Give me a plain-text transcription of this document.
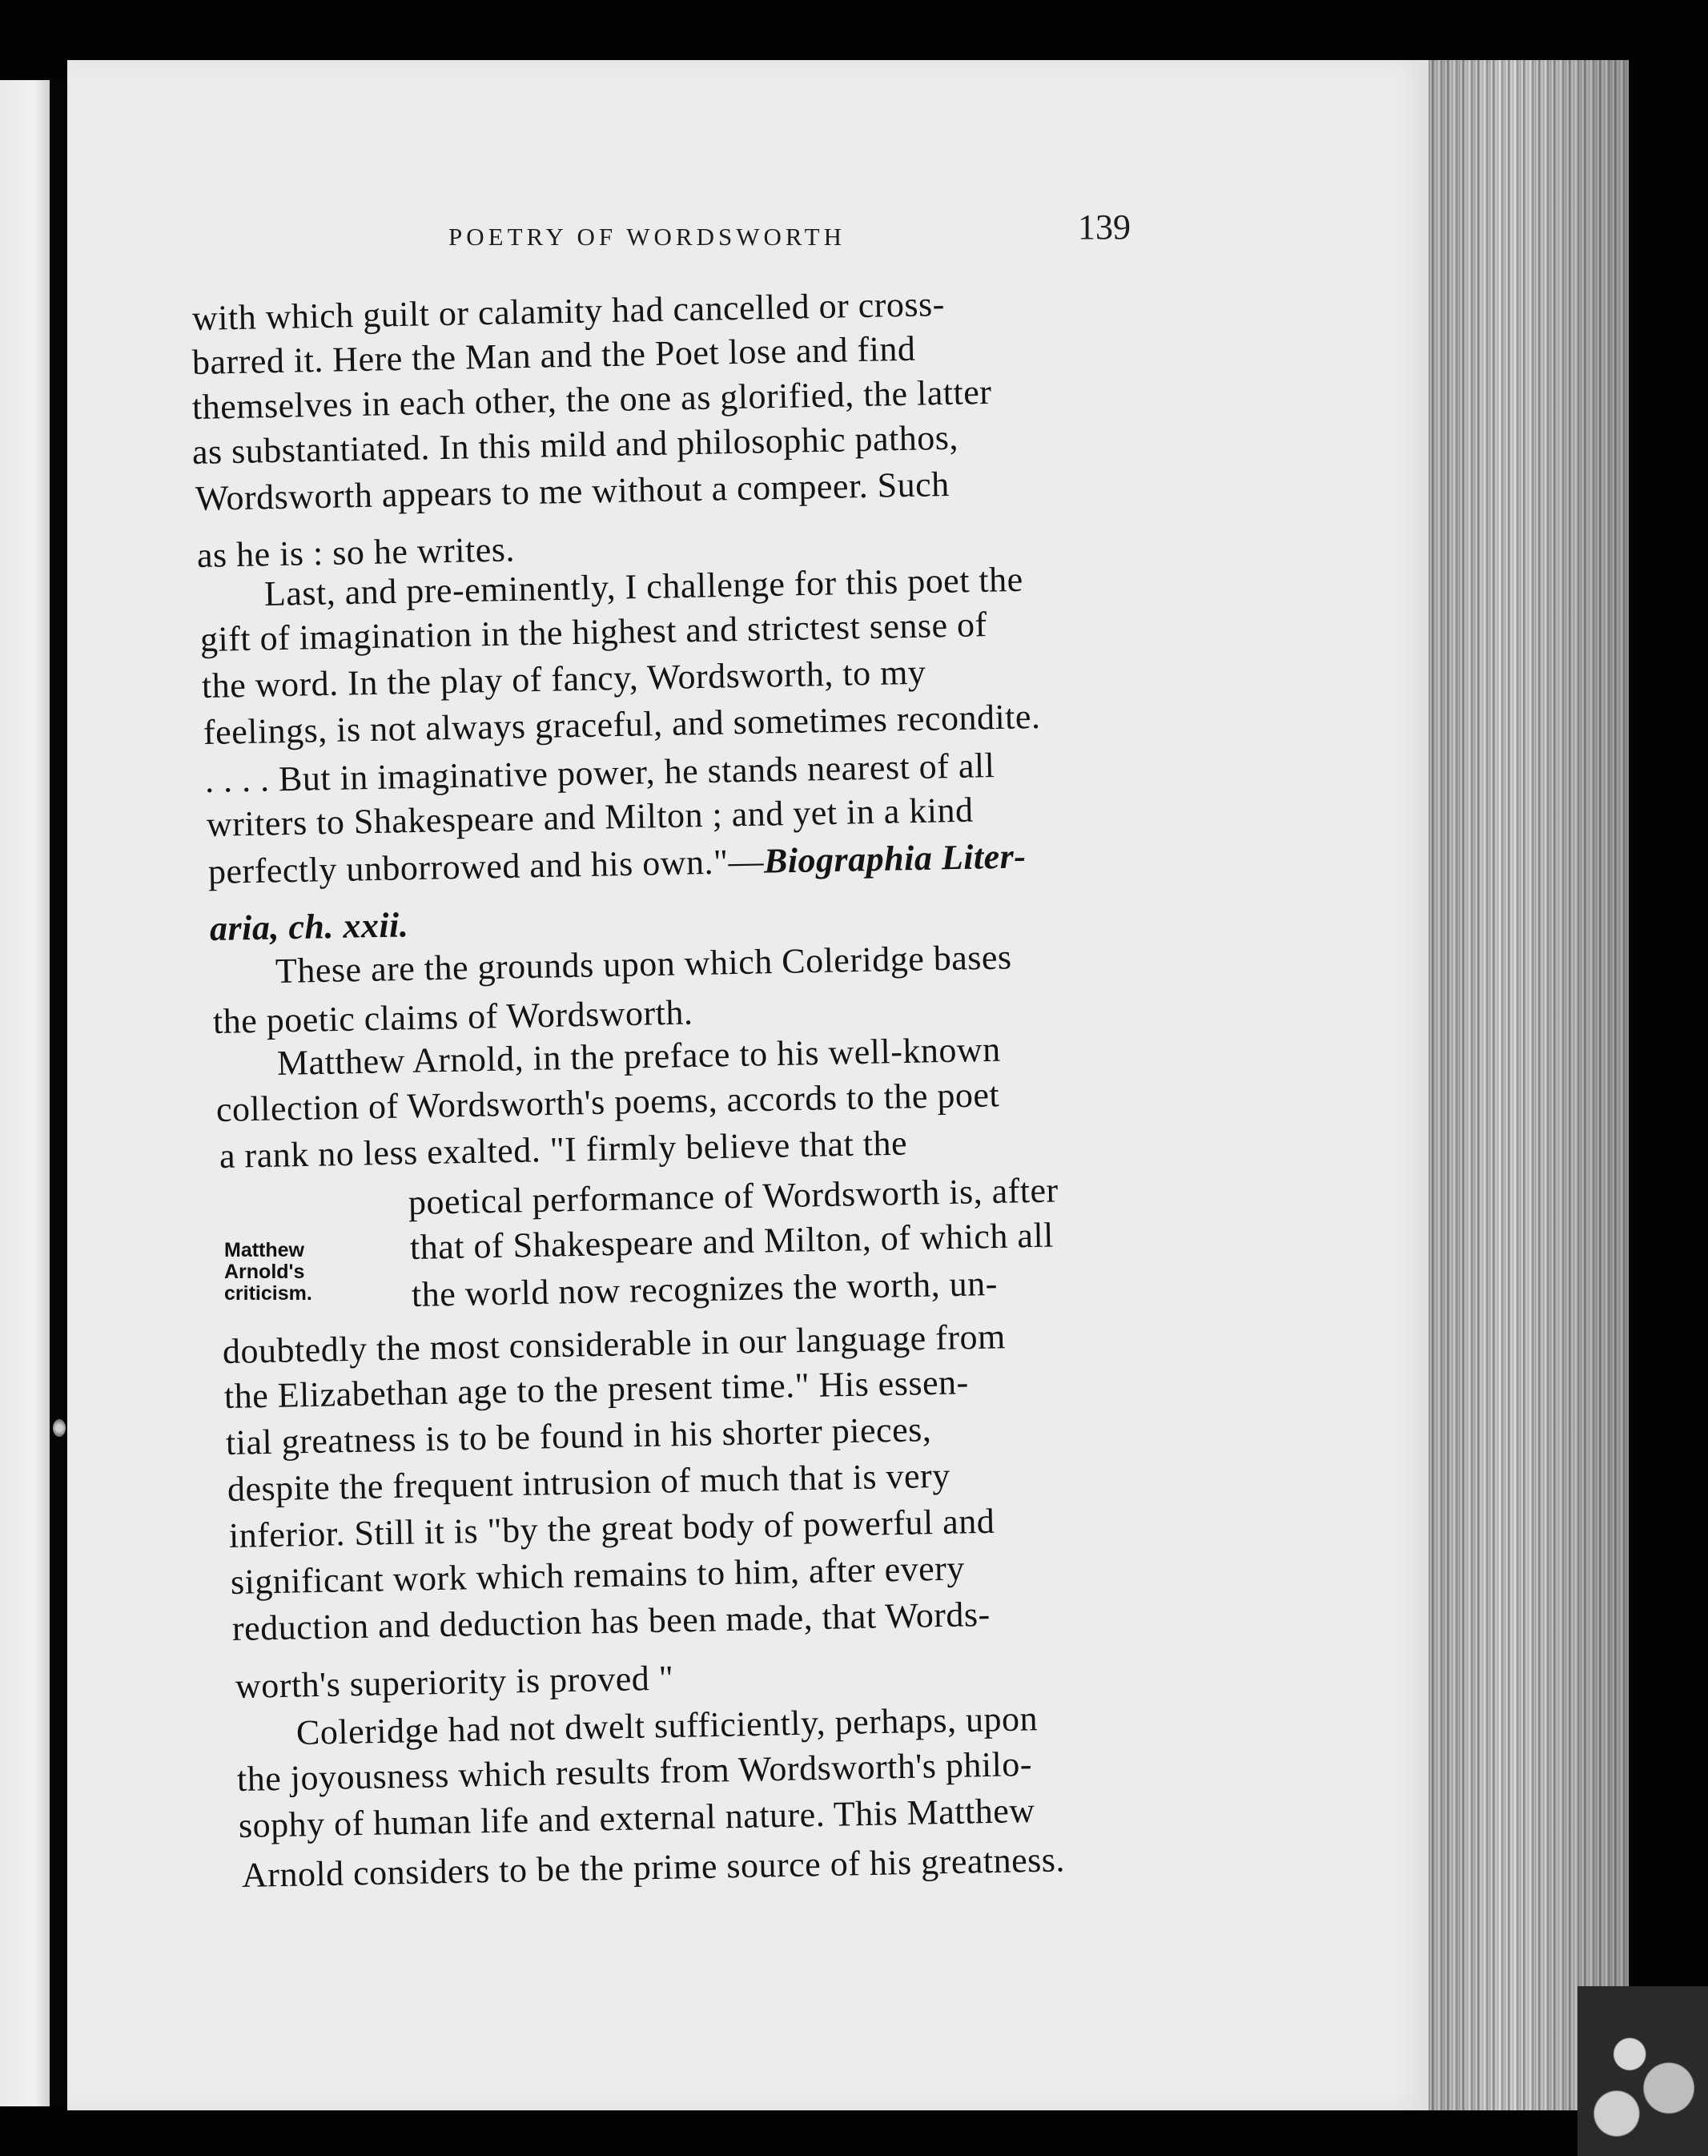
POETRY OF WORDSWORTH	139
with which guilt or calamity had cancelled or cross-
barred it. Here the Man and the Poet lose and find
themselves in each other, the one as glorified, the latter
as substantiated. In this mild and philosophic pathos,
Wordsworth appears to me without a compeer. Such
as he is : so he writes.
Last, and pre-eminently, I challenge for this poet the
gift of imagination in the highest and strictest sense of
the word. In the play of fancy, Wordsworth, to my
feelings, is not always graceful, and sometimes recondite.
. . . . But in imaginative power, he stands nearest of all
writers to Shakespeare and Milton ; and yet in a kind
perfectly unborrowed and his own."—Biographia Liter-
aria, ch. xxii.
These are the grounds upon which Coleridge bases
the poetic claims of Wordsworth.
Matthew Arnold, in the preface to his well-known
collection of Wordsworth's poems, accords to the poet
a rank no less exalted. "I firmly believe that the
poetical performance of Wordsworth is, after
that of Shakespeare and Milton, of which all
the world now recognizes the worth, un-
doubtedly the most considerable in our language from
the Elizabethan age to the present time." His essen-
tial greatness is to be found in his shorter pieces,
despite the frequent intrusion of much that is very
inferior. Still it is "by the great body of powerful and
significant work which remains to him, after every
reduction and deduction has been made, that Words-
worth's superiority is proved "
Coleridge had not dwelt sufficiently, perhaps, upon
the joyousness which results from Wordsworth's philo-
sophy of human life and external nature. This Matthew
Arnold considers to be the prime source of his greatness.
Matthew
Arnold's
criticism.
